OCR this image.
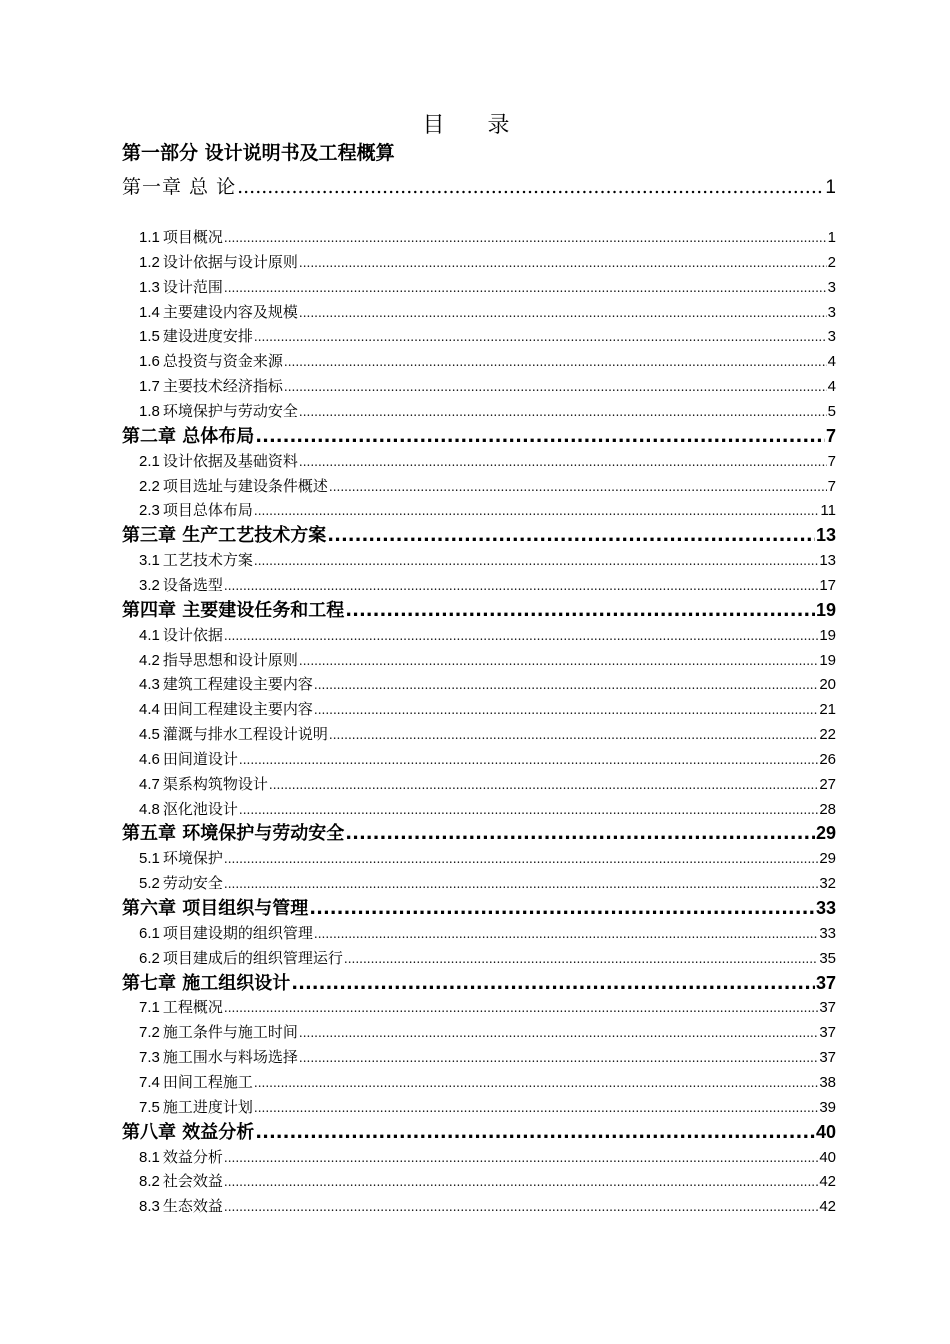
目 录
第一部分 设计说明书及工程概算
第一章 总 论 .....	1
1.1 项目概况 .....	1
1.2 设计依据与设计原则 .....	2
1.3 设计范围 .....	3
1.4 主要建设内容及规模 .....	3
1.5 建设进度安排 .....	3
1.6 总投资与资金来源 .....	4
1.7 主要技术经济指标 .....	4
1.8 环境保护与劳动安全 .....	5
第二章 总体布局 .....	7
2.1 设计依据及基础资料 .....	7
2.2 项目选址与建设条件概述 .....	7
2.3 项目总体布局 .....	11
第三章 生产工艺技术方案 .....	13
3.1 工艺技术方案 .....	13
3.2 设备选型 .....	17
第四章 主要建设任务和工程 .....	19
4.1 设计依据 .....	19
4.2 指导思想和设计原则 .....	19
4.3 建筑工程建设主要内容 .....	20
4.4 田间工程建设主要内容 .....	21
4.5 灌溉与排水工程设计说明 .....	22
4.6 田间道设计 .....	26
4.7 渠系构筑物设计 .....	27
4.8 沤化池设计 .....	28
第五章 环境保护与劳动安全 .....	29
5.1 环境保护 .....	29
5.2 劳动安全 .....	32
第六章 项目组织与管理 .....	33
6.1 项目建设期的组织管理 .....	33
6.2 项目建成后的组织管理运行 .....	35
第七章 施工组织设计 .....	37
7.1 工程概况 .....	37
7.2 施工条件与施工时间 .....	37
7.3 施工围水与料场选择 .....	37
7.4 田间工程施工 .....	38
7.5 施工进度计划 .....	39
第八章 效益分析 .....	40
8.1 效益分析 .....	40
8.2 社会效益 .....	42
8.3 生态效益 .....	42
